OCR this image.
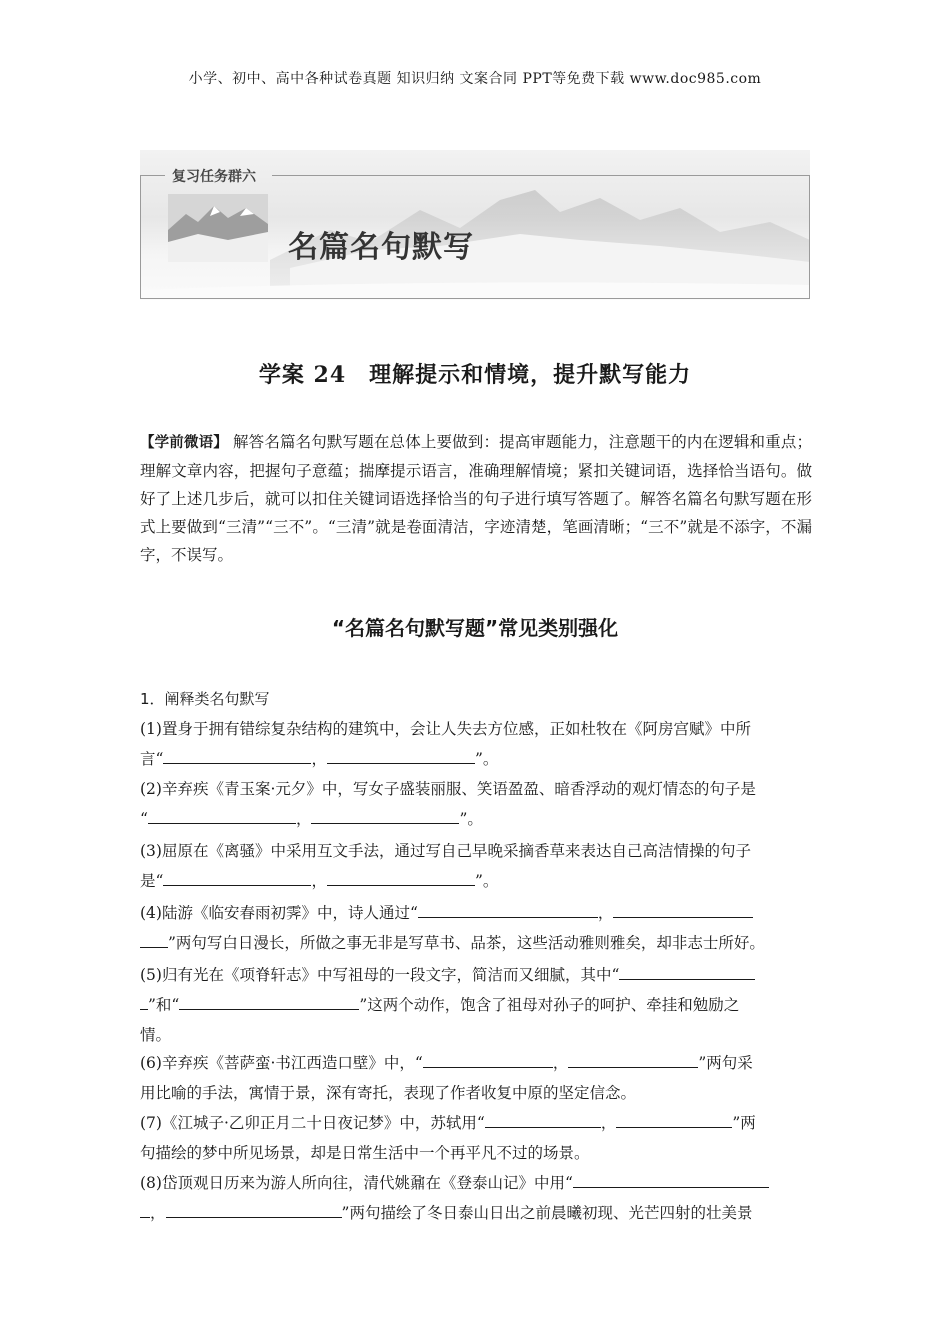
小学、初中、高中各种试卷真题 知识归纳 文案合同 PPT等免费下载 www.doc985.com
复习任务群六
名篇名句默写
学案 24　理解提示和情境，提升默写能力
【学前微语】 解答名篇名句默写题在总体上要做到：提高审题能力，注意题干的内在逻辑和重点；理解文章内容，把握句子意蕴；揣摩提示语言，准确理解情境；紧扣关键词语，选择恰当语句。做好了上述几步后，就可以扣住关键词语选择恰当的句子进行填写答题了。解答名篇名句默写题在形式上要做到“三清”“三不”。“三清”就是卷面清洁，字迹清楚，笔画清晰；“三不”就是不添字，不漏字，不误写。
“名篇名句默写题”常见类别强化
1．阐释类名句默写
(1)置身于拥有错综复杂结构的建筑中，会让人失去方位感，正如杜牧在《阿房宫赋》中所
言“	，	”。
(2)辛弃疾《青玉案·元夕》中，写女子盛装丽服、笑语盈盈、暗香浮动的观灯情态的句子是
“	，	”。
(3)屈原在《离骚》中采用互文手法，通过写自己早晚采摘香草来表达自己高洁情操的句子
是“	，	”。
(4)陆游《临安春雨初霁》中，诗人通过“	，
”两句写白日漫长，所做之事无非是写草书、品茶，这些活动雅则雅矣，却非志士所好。
(5)归有光在《项脊轩志》中写祖母的一段文字，简洁而又细腻，其中“
”和“	”这两个动作，饱含了祖母对孙子的呵护、牵挂和勉励之
情。
(6)辛弃疾《菩萨蛮·书江西造口壁》中，“	，	”两句采
用比喻的手法，寓情于景，深有寄托，表现了作者收复中原的坚定信念。
(7)《江城子·乙卯正月二十日夜记梦》中，苏轼用“	，	”两
句描绘的梦中所见场景，却是日常生活中一个再平凡不过的场景。
(8)岱顶观日历来为游人所向往，清代姚鼐在《登泰山记》中用“
，	”两句描绘了冬日泰山日出之前晨曦初现、光芒四射的壮美景
